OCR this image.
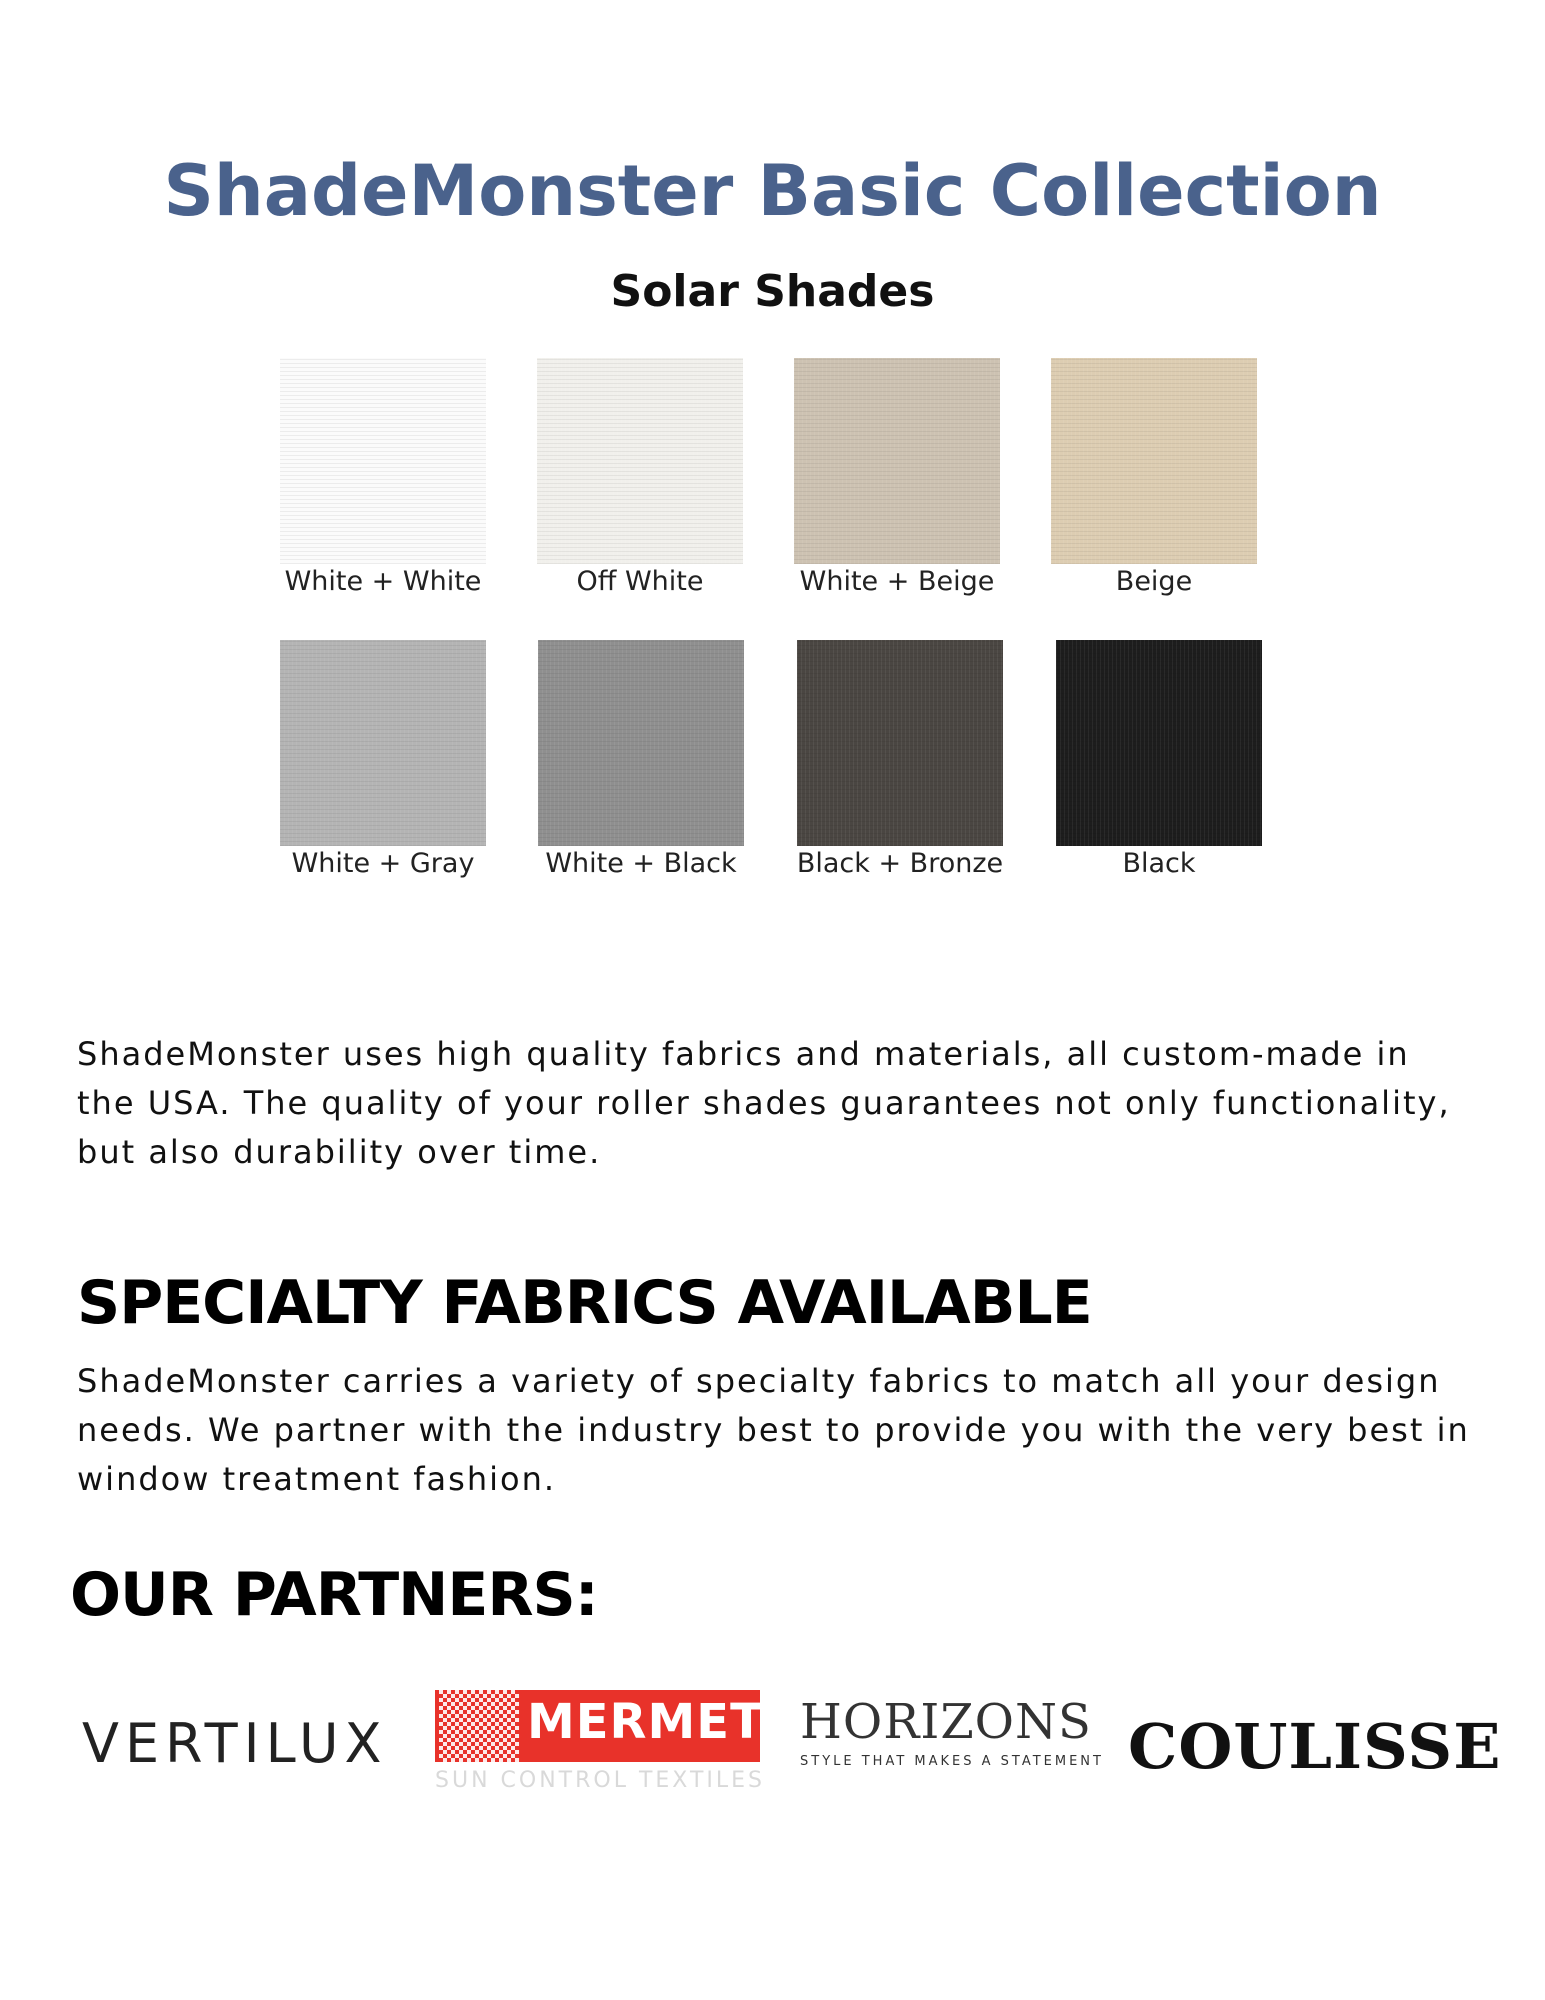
ShadeMonster Basic Collection
Solar Shades
White + White	Off White	White + Beige	Beige
White + Gray	White + Black	Black + Bronze	Black

ShadeMonster uses high quality fabrics and materials, all custom-made in the USA. The quality of your roller shades guarantees not only functionality, but also durability over time.

SPECIALTY FABRICS AVAILABLE

ShadeMonster carries a variety of specialty fabrics to match all your design needs. We partner with the industry best to provide you with the very best in window treatment fashion.

OUR PARTNERS:
VERTILUX	MERMET
SUN CONTROL TEXTILES
HORIZONS
STYLE THAT MAKES A STATEMENT COULISSE
